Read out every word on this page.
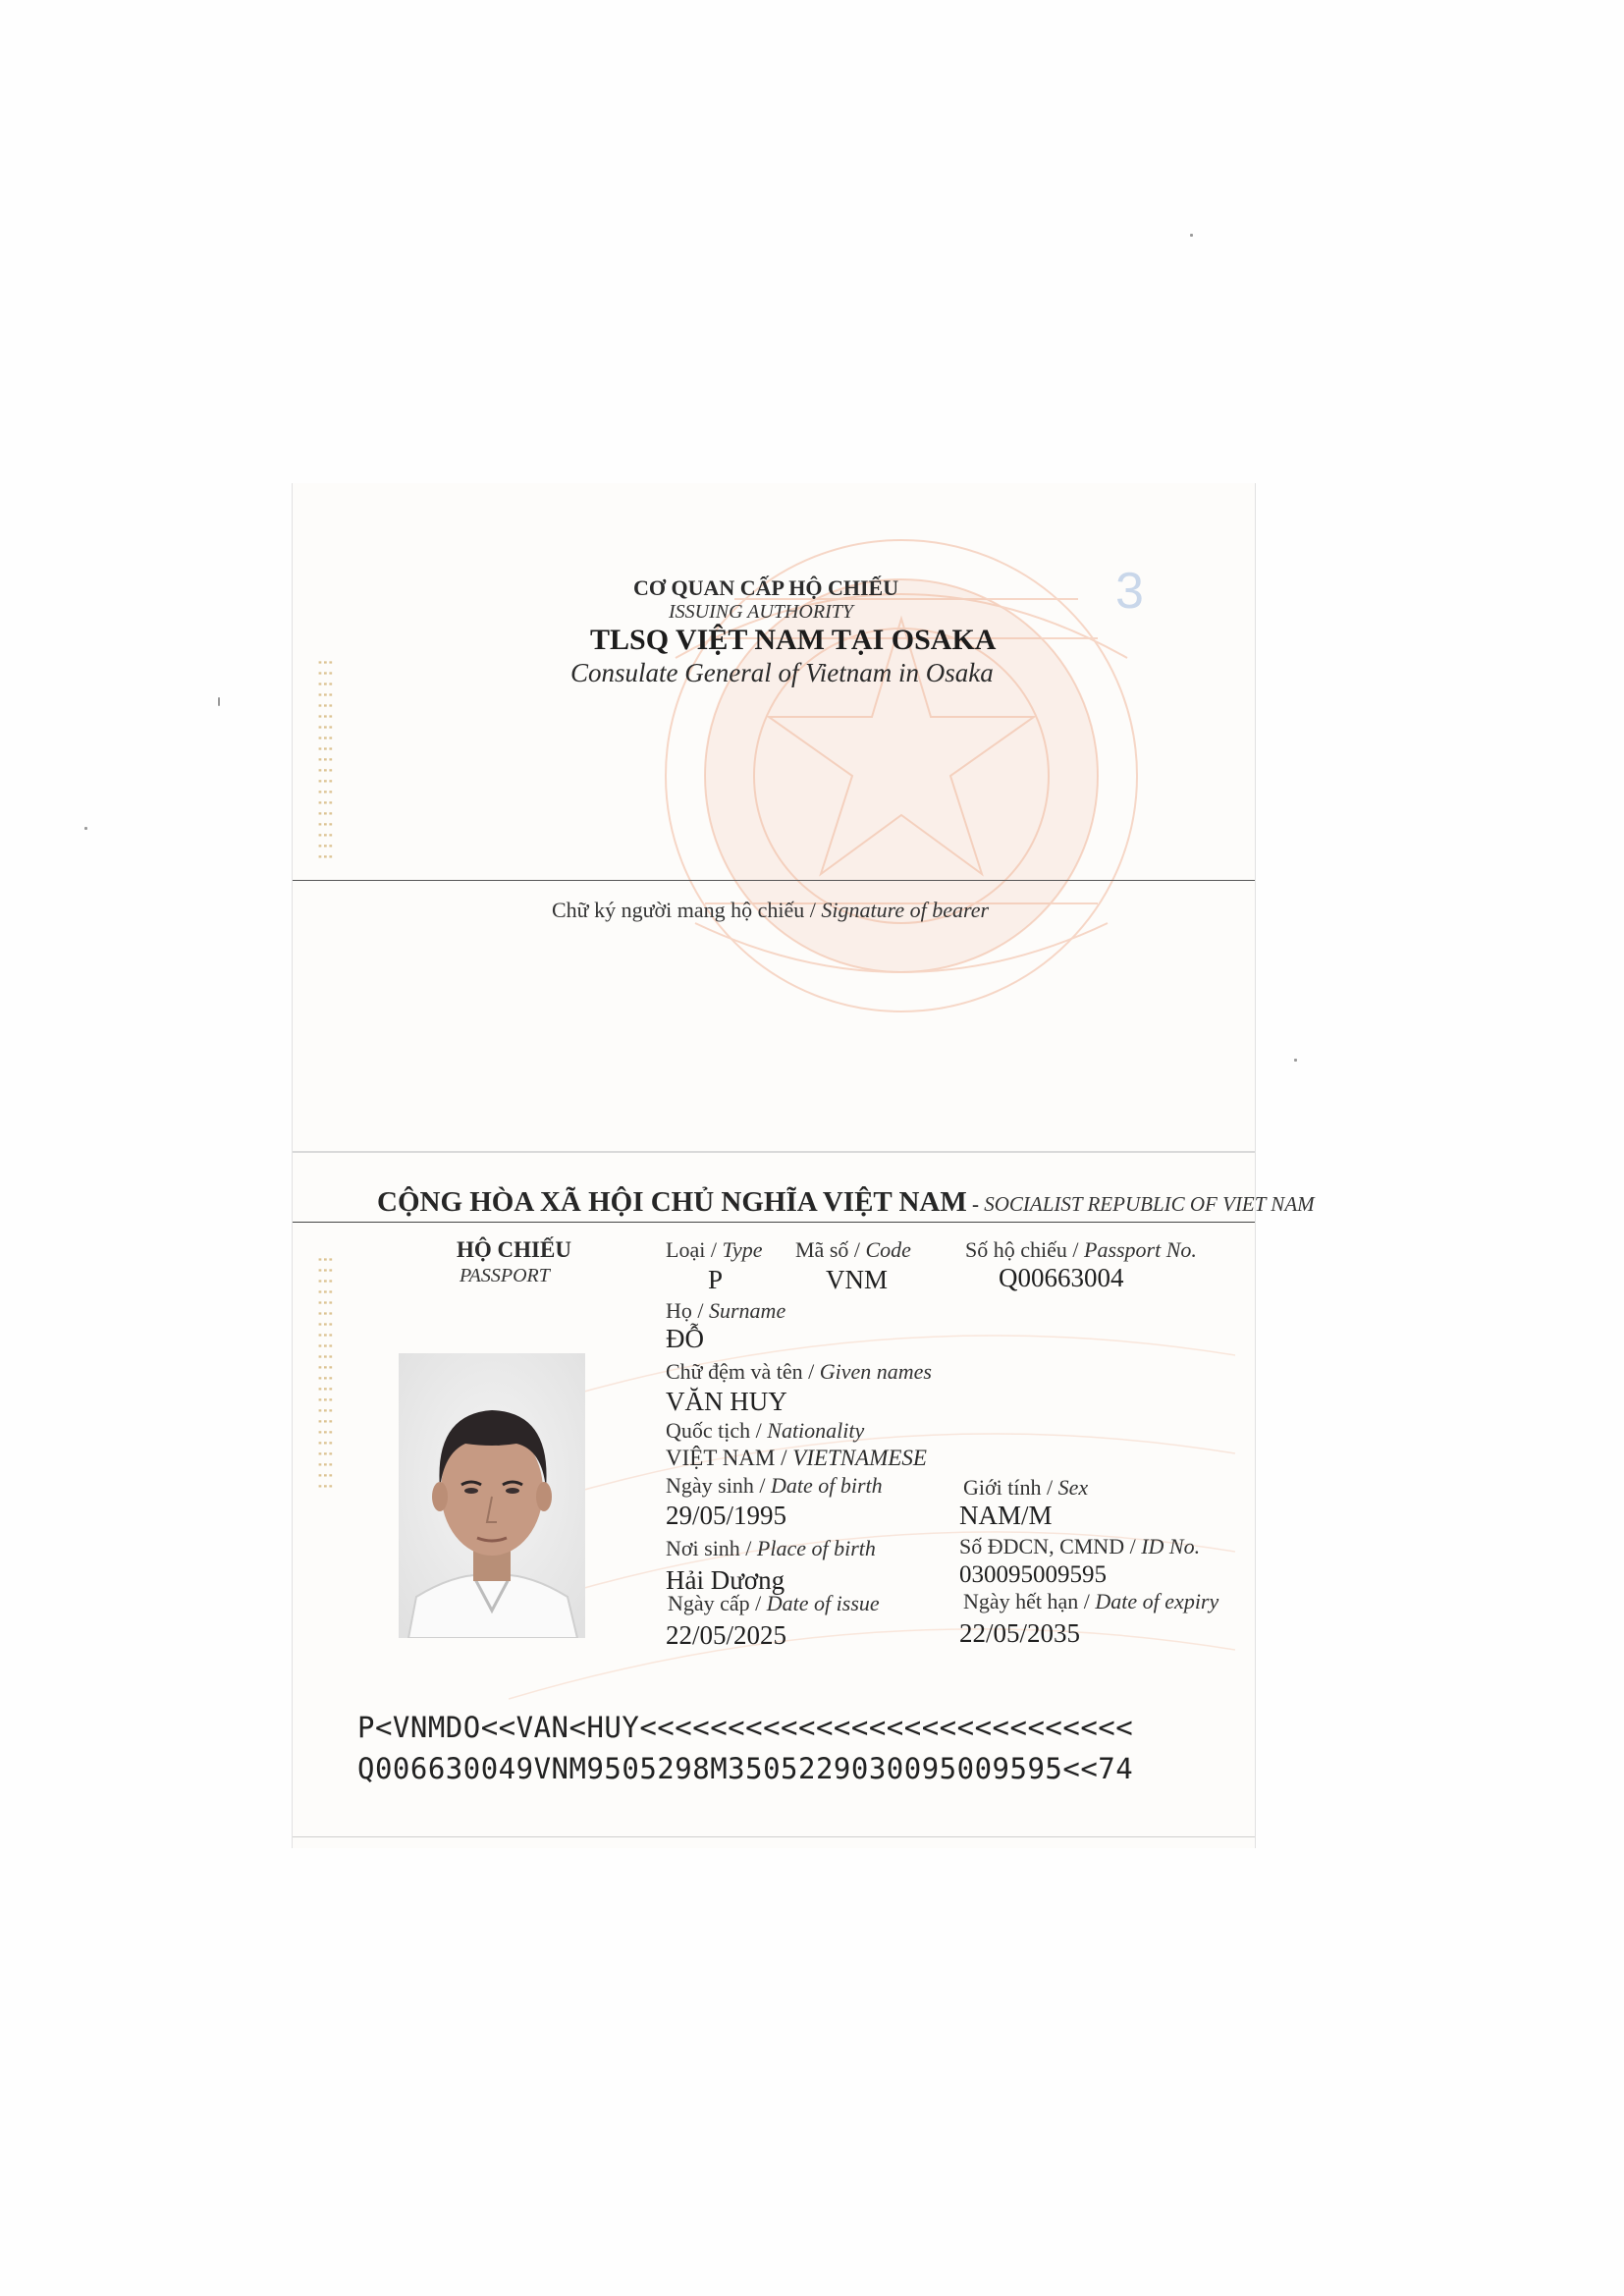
⁝⁝⁝⁝⁝⁝⁝⁝⁝⁝⁝⁝⁝⁝⁝⁝⁝⁝⁝
CƠ QUAN CẤP HỘ CHIẾU
ISSUING AUTHORITY
TLSQ VIỆT NAM TẠI OSAKA
Consulate General of Vietnam in Osaka
3
Chữ ký người mang hộ chiếu / Signature of bearer
CỘNG HÒA XÃ HỘI CHỦ NGHĨA VIỆT NAM - SOCIALIST REPUBLIC OF VIET NAM
⁝⁝⁝⁝⁝⁝⁝⁝⁝⁝⁝⁝⁝⁝⁝⁝⁝⁝⁝⁝⁝⁝
HỘ CHIẾU
PASSPORT
Loại / Type Mã số / Code	Số hộ chiếu / Passport No.
P	VNM	Q00663004
Họ / Surname
ĐỖ
Chữ đệm và tên / Given names
VĂN HUY
Quốc tịch / Nationality
VIỆT NAM / VIETNAMESE
Ngày sinh / Date of birth	Giới tính / Sex
29/05/1995	NAM/M
Nơi sinh / Place of birth	Số ĐDCN, CMND / ID No.
Hải Dương	030095009595
Ngày cấp / Date of issue	Ngày hết hạn / Date of expiry
22/05/2025	22/05/2035
P<VNMDO<<VAN<HUY<<<<<<<<<<<<<<<<<<<<<<<<<<<<
Q006630049VNM9505298M3505229030095009595<<74
